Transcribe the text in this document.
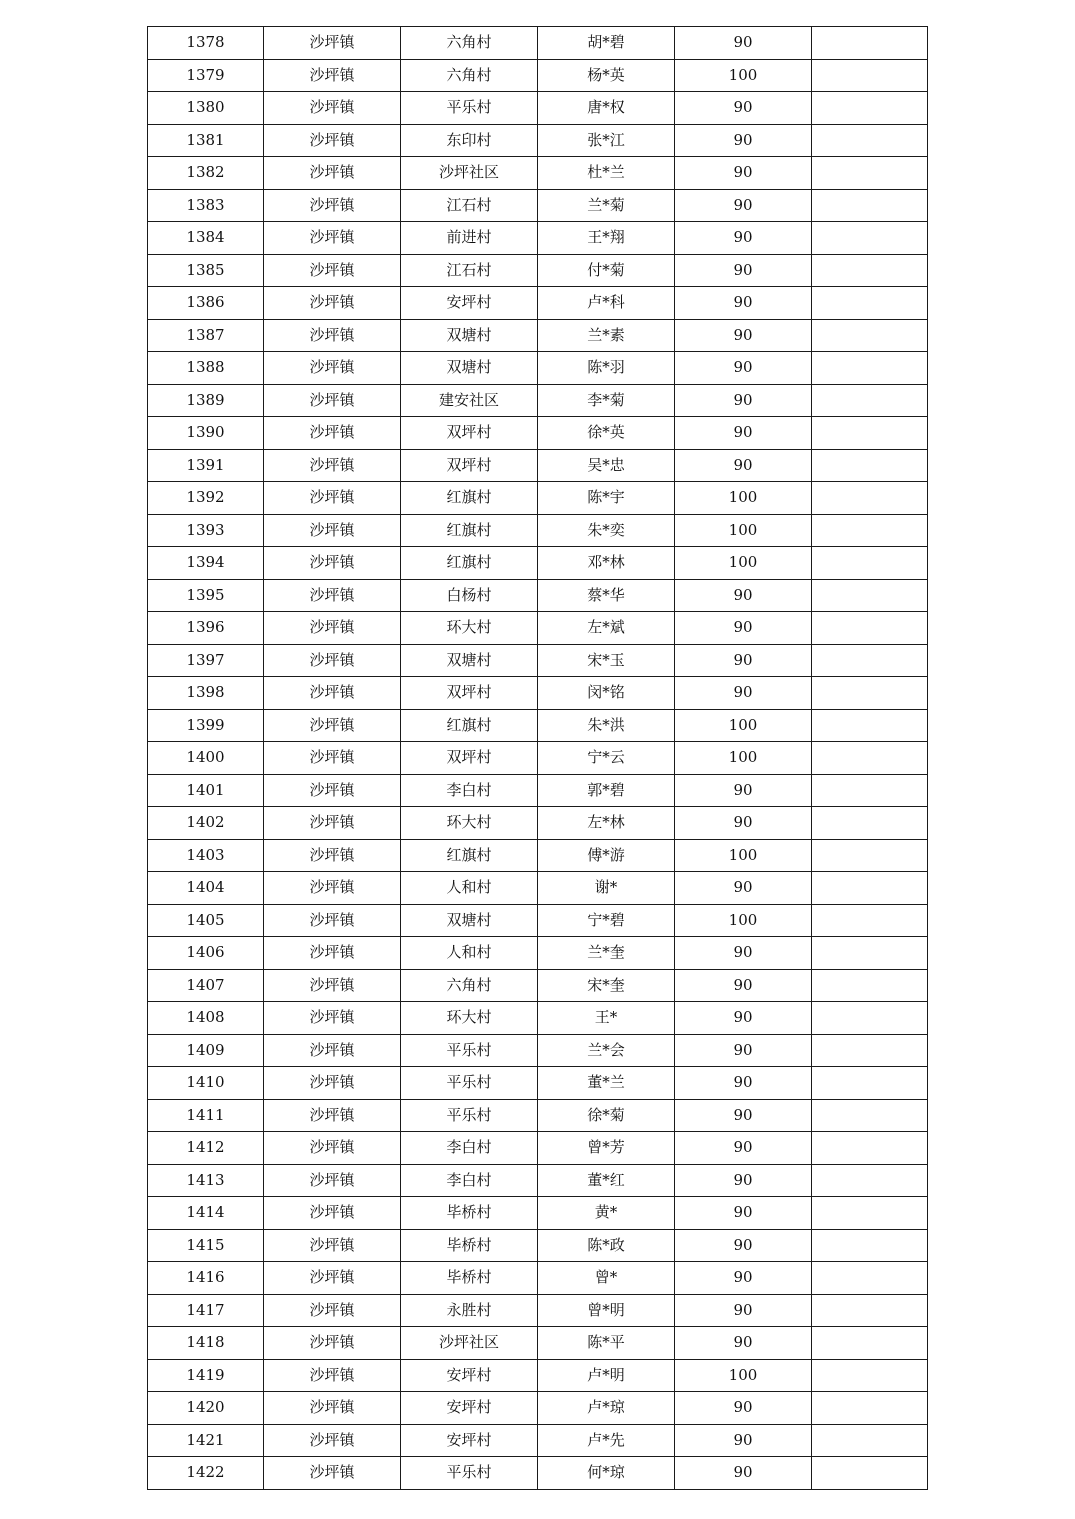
1378	沙坪镇	六角村	胡*碧	90	
1379	沙坪镇	六角村	杨*英	100	
1380	沙坪镇	平乐村	唐*权	90	
1381	沙坪镇	东印村	张*江	90	
1382	沙坪镇	沙坪社区	杜*兰	90	
1383	沙坪镇	江石村	兰*菊	90	
1384	沙坪镇	前进村	王*翔	90	
1385	沙坪镇	江石村	付*菊	90	
1386	沙坪镇	安坪村	卢*科	90	
1387	沙坪镇	双塘村	兰*素	90	
1388	沙坪镇	双塘村	陈*羽	90	
1389	沙坪镇	建安社区	李*菊	90	
1390	沙坪镇	双坪村	徐*英	90	
1391	沙坪镇	双坪村	吴*忠	90	
1392	沙坪镇	红旗村	陈*宇	100	
1393	沙坪镇	红旗村	朱*奕	100	
1394	沙坪镇	红旗村	邓*林	100	
1395	沙坪镇	白杨村	蔡*华	90	
1396	沙坪镇	环大村	左*斌	90	
1397	沙坪镇	双塘村	宋*玉	90	
1398	沙坪镇	双坪村	闵*铭	90	
1399	沙坪镇	红旗村	朱*洪	100	
1400	沙坪镇	双坪村	宁*云	100	
1401	沙坪镇	李白村	郭*碧	90	
1402	沙坪镇	环大村	左*林	90	
1403	沙坪镇	红旗村	傅*游	100	
1404	沙坪镇	人和村	谢*	90	
1405	沙坪镇	双塘村	宁*碧	100	
1406	沙坪镇	人和村	兰*奎	90	
1407	沙坪镇	六角村	宋*奎	90	
1408	沙坪镇	环大村	王*	90	
1409	沙坪镇	平乐村	兰*会	90	
1410	沙坪镇	平乐村	董*兰	90	
1411	沙坪镇	平乐村	徐*菊	90	
1412	沙坪镇	李白村	曾*芳	90	
1413	沙坪镇	李白村	董*红	90	
1414	沙坪镇	毕桥村	黄*	90	
1415	沙坪镇	毕桥村	陈*政	90	
1416	沙坪镇	毕桥村	曾*	90	
1417	沙坪镇	永胜村	曾*明	90	
1418	沙坪镇	沙坪社区	陈*平	90	
1419	沙坪镇	安坪村	卢*明	100	
1420	沙坪镇	安坪村	卢*琼	90	
1421	沙坪镇	安坪村	卢*先	90	
1422	沙坪镇	平乐村	何*琼	90	
